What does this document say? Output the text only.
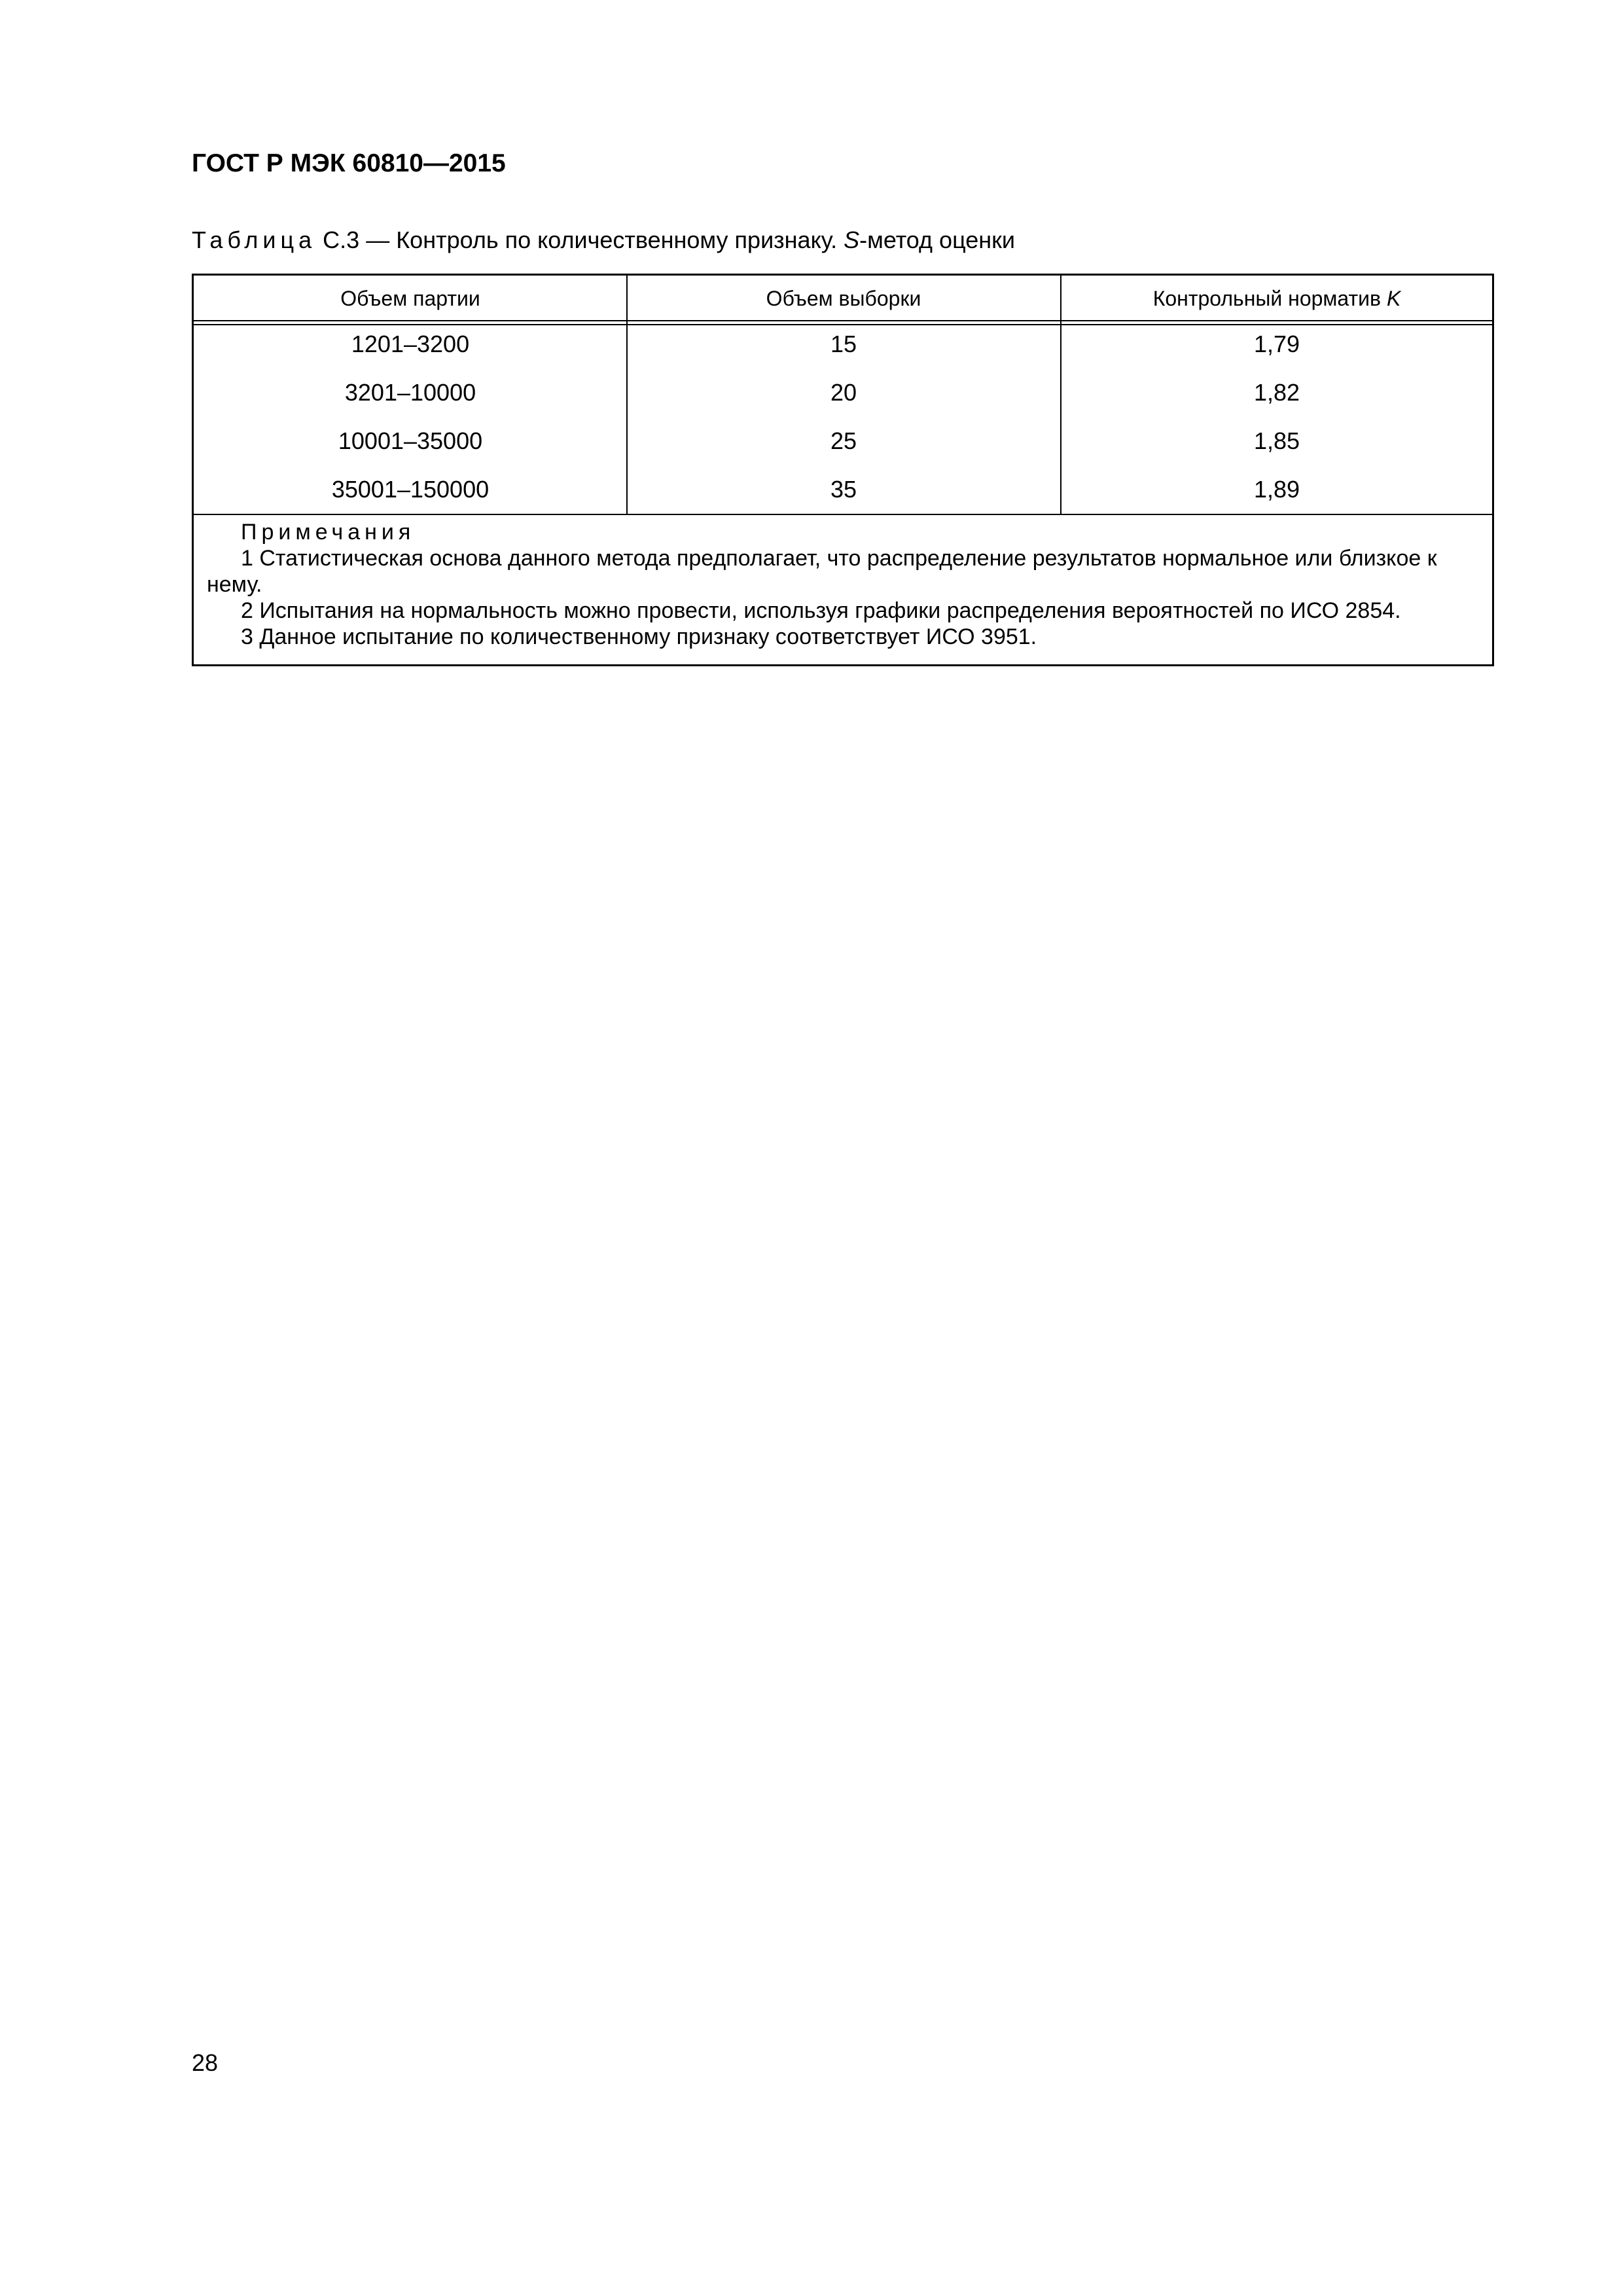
ГОСТ Р МЭК 60810—2015
Таблица С.3 — Контроль по количественному признаку. S-метод оценки
Объем партии	Объем выборки	Контрольный норматив K
1201–3200	15	1,79
3201–10000	20	1,82
10001–35000	25	1,85
35001–150000	35	1,89
Примечания
1 Статистическая основа данного метода предполагает, что распределение результатов нормальное или близкое к нему.
2 Испытания на нормальность можно провести, используя графики распределения вероятностей по ИСО 2854.
3 Данное испытание по количественному признаку соответствует ИСО 3951.
28
